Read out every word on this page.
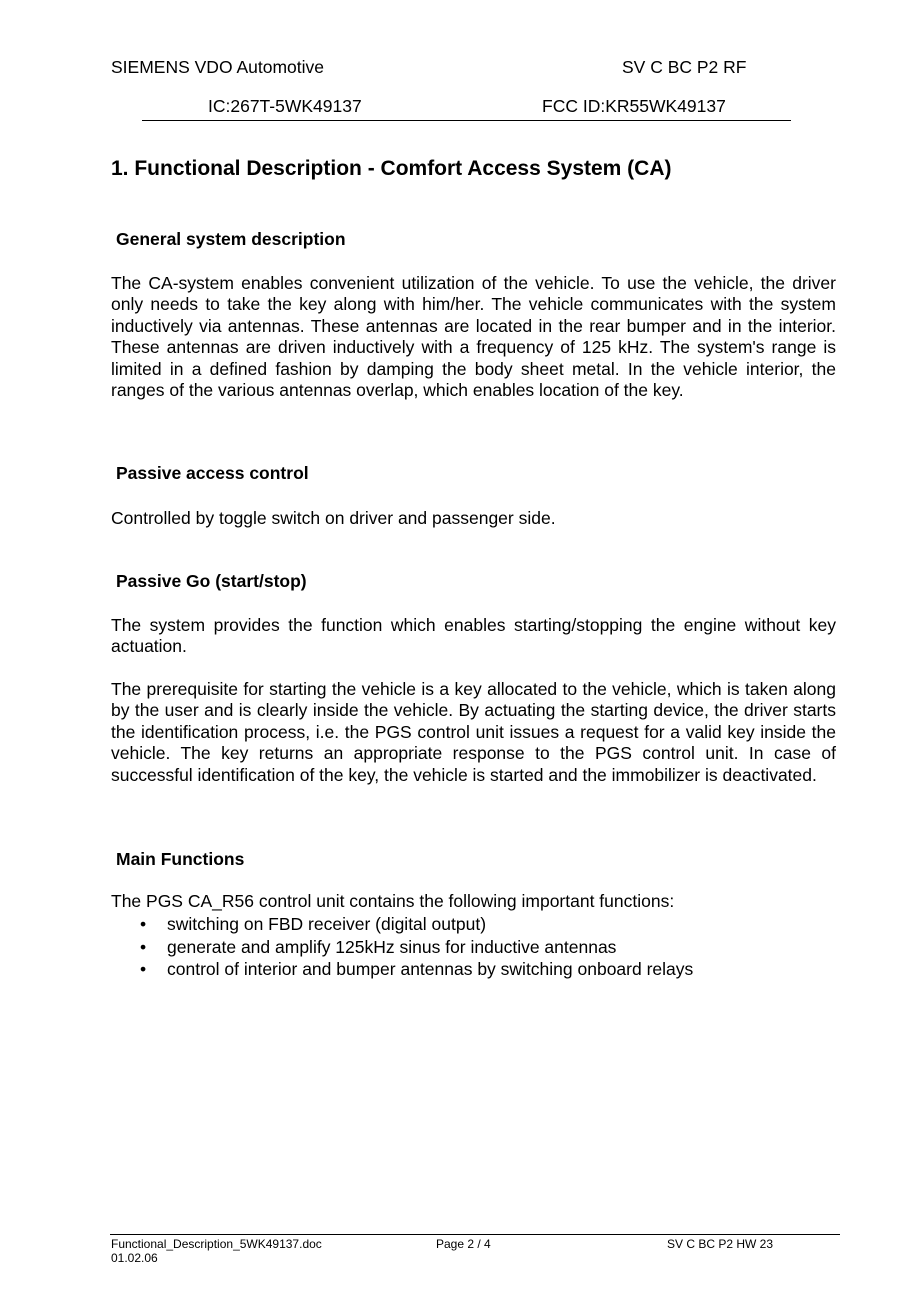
SIEMENS VDO Automotive	SV C BC P2 RF
IC:267T-5WK49137	FCC ID:KR55WK49137
1. Functional Description - Comfort Access System (CA)
General system description

The CA-system enables convenient utilization of the vehicle. To use the vehicle, the driver only needs to take the key along with him/her. The vehicle communicates with the system inductively via antennas. These antennas are located in the rear bumper and in the interior. These antennas are driven inductively with a frequency of 125 kHz. The system's range is limited in a defined fashion by damping the body sheet metal. In the vehicle interior, the ranges of the various antennas overlap, which enables location of the key.

Passive access control

Controlled by toggle switch on driver and passenger side.

Passive Go (start/stop)

The system provides the function which enables starting/stopping the engine without key actuation.

The prerequisite for starting the vehicle is a key allocated to the vehicle, which is taken along by the user and is clearly inside the vehicle. By actuating the starting device, the driver starts the identification process, i.e. the PGS control unit issues a request for a valid key inside the vehicle. The key returns an appropriate response to the PGS control unit. In case of successful identification of the key, the vehicle is started and the immobilizer is deactivated.

Main Functions

The PGS CA_R56 control unit contains the following important functions:

• switching on FBD receiver (digital output)
• generate and amplify 125kHz sinus for inductive antennas
• control of interior and bumper antennas by switching onboard relays
Functional_Description_5WK49137.doc
01.02.06
Page 2 / 4	SV C BC P2 HW 23
